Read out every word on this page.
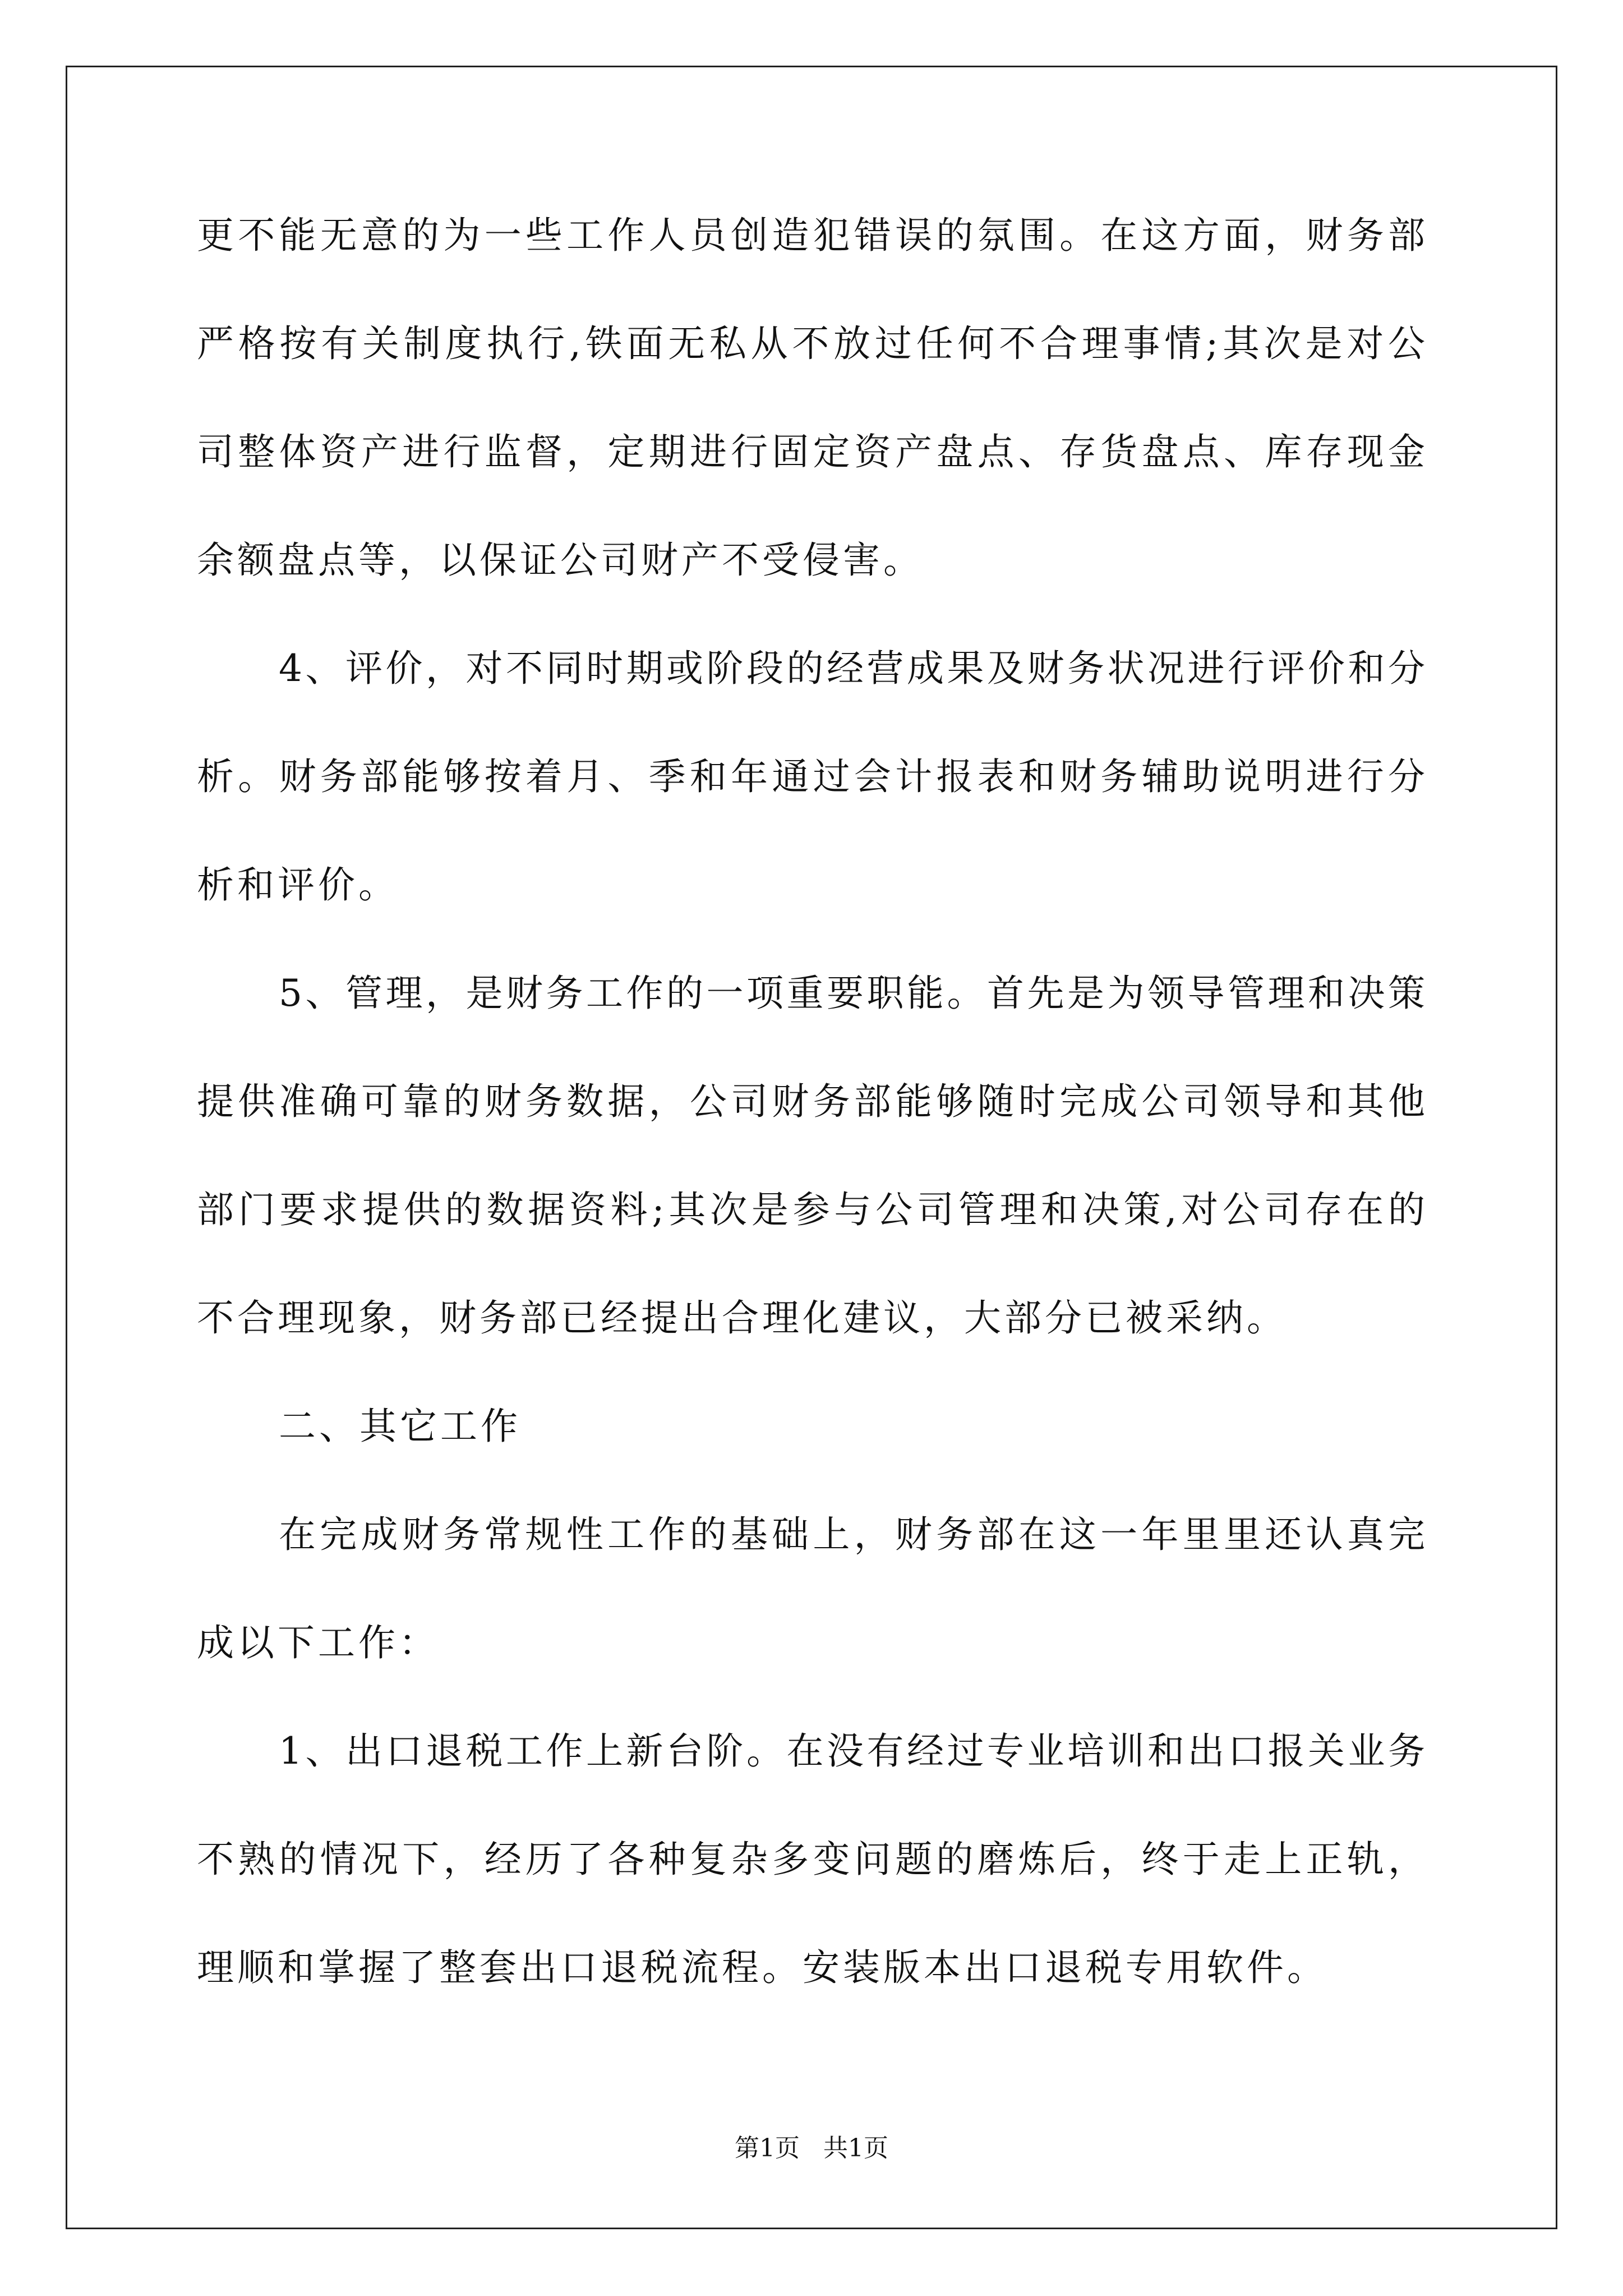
更不能无意的为一些工作人员创造犯错误的氛围。在这方面，财务部
严格按有关制度执行,铁面无私从不放过任何不合理事情;其次是对公
司整体资产进行监督，定期进行固定资产盘点、存货盘点、库存现金
余额盘点等，以保证公司财产不受侵害。
4、评价，对不同时期或阶段的经营成果及财务状况进行评价和分
析。财务部能够按着月、季和年通过会计报表和财务辅助说明进行分
析和评价。
5、管理，是财务工作的一项重要职能。首先是为领导管理和决策
提供准确可靠的财务数据，公司财务部能够随时完成公司领导和其他
部门要求提供的数据资料;其次是参与公司管理和决策,对公司存在的
不合理现象，财务部已经提出合理化建议，大部分已被采纳。
二、其它工作
在完成财务常规性工作的基础上，财务部在这一年里里还认真完
成以下工作：
1、出口退税工作上新台阶。在没有经过专业培训和出口报关业务
不熟的情况下，经历了各种复杂多变问题的磨炼后，终于走上正轨，
理顺和掌握了整套出口退税流程。安装版本出口退税专用软件。
第1页   共1页
